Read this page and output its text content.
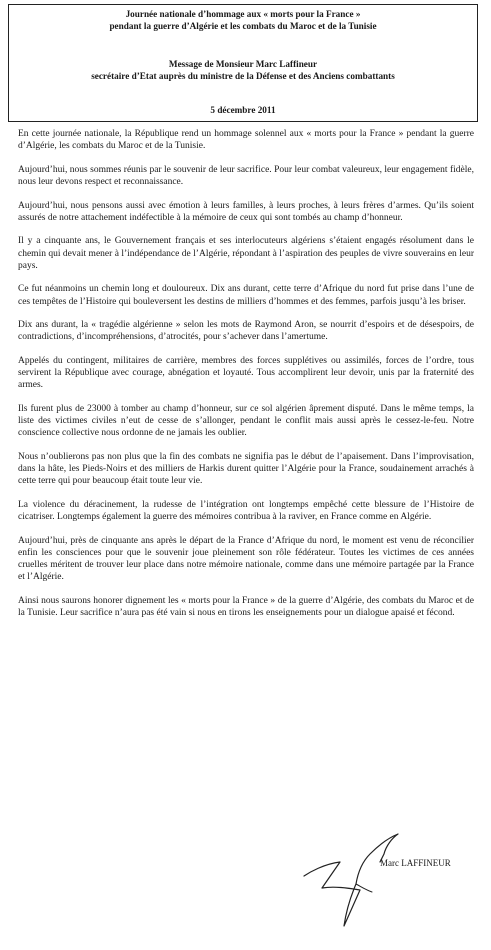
Journée nationale d’hommage aux « morts pour la France »
pendant la guerre d’Algérie et les combats du Maroc et de la Tunisie
Message de Monsieur Marc Laffineur
secrétaire d’Etat auprès du ministre de la Défense et des Anciens combattants
5 décembre 2011

En cette journée nationale, la République rend un hommage solennel aux « morts pour la France » pendant la guerre d’Algérie, les combats du Maroc et de la Tunisie.

Aujourd’hui, nous sommes réunis par le souvenir de leur sacrifice. Pour leur combat valeureux, leur engagement fidèle, nous leur devons respect et reconnaissance.

Aujourd’hui, nous pensons aussi avec émotion à leurs familles, à leurs proches, à leurs frères d’armes. Qu’ils soient assurés de notre attachement indéfectible à la mémoire de ceux qui sont tombés au champ d’honneur.

Il y a cinquante ans, le Gouvernement français et ses interlocuteurs algériens s’étaient engagés résolument dans le chemin qui devait mener à l’indépendance de l’Algérie, répondant à l’aspiration des peuples de vivre souverains en leur pays.

Ce fut néanmoins un chemin long et douloureux. Dix ans durant, cette terre d’Afrique du nord fut prise dans l’une de ces tempêtes de l’Histoire qui bouleversent les destins de milliers d’hommes et des femmes, parfois jusqu’à les briser.

Dix ans durant, la « tragédie algérienne » selon les mots de Raymond Aron, se nourrit d’espoirs et de désespoirs, de contradictions, d’incompréhensions, d’atrocités, pour s’achever dans l’amertume.

Appelés du contingent, militaires de carrière, membres des forces supplétives ou assimilés, forces de l’ordre, tous servirent la République avec courage, abnégation et loyauté. Tous accomplirent leur devoir, unis par la fraternité des armes.

Ils furent plus de 23000 à tomber au champ d’honneur, sur ce sol algérien âprement disputé. Dans le même temps, la liste des victimes civiles n’eut de cesse de s’allonger, pendant le conflit mais aussi après le cessez-le-feu. Notre conscience collective nous ordonne de ne jamais les oublier.

Nous n’oublierons pas non plus que la fin des combats ne signifia pas le début de l’apaisement. Dans l’improvisation, dans la hâte, les Pieds-Noirs et des milliers de Harkis durent quitter l’Algérie pour la France, soudainement arrachés à cette terre qui pour beaucoup était toute leur vie.

La violence du déracinement, la rudesse de l’intégration ont longtemps empêché cette blessure de l’Histoire de cicatriser. Longtemps également la guerre des mémoires contribua à la raviver, en France comme en Algérie.

Aujourd’hui, près de cinquante ans après le départ de la France d’Afrique du nord, le moment est venu de réconcilier enfin les consciences pour que le souvenir joue pleinement son rôle fédérateur. Toutes les victimes de ces années cruelles méritent de trouver leur place dans notre mémoire nationale, comme dans une mémoire partagée par la France et l’Algérie.

Ainsi nous saurons honorer dignement les « morts pour la France » de la guerre d’Algérie, des combats du Maroc et de la Tunisie. Leur sacrifice n’aura pas été vain si nous en tirons les enseignements pour un dialogue apaisé et fécond.

Marc LAFFINEUR
